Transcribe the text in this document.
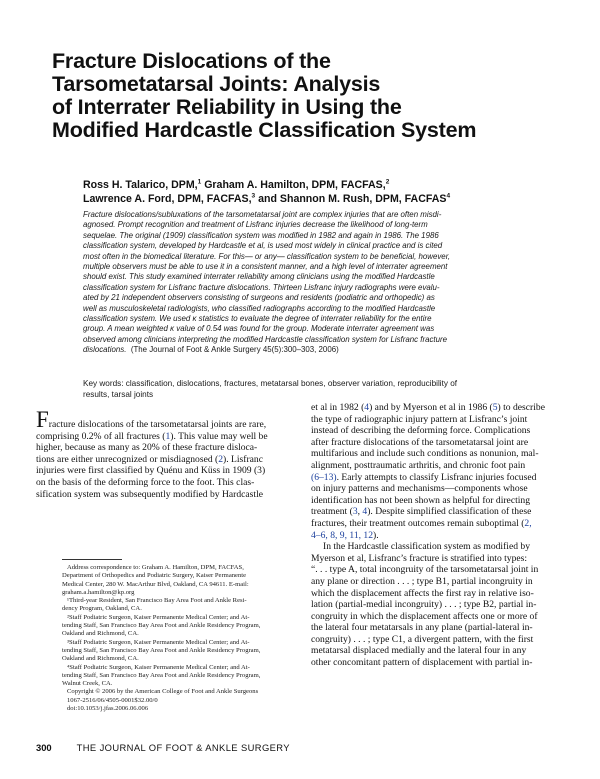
Fracture Dislocations of the
Tarsometatarsal Joints: Analysis
of Interrater Reliability in Using the
Modified Hardcastle Classification System
Ross H. Talarico, DPM,$^1$ Graham A. Hamilton, DPM, FACFAS,$^2$
Lawrence A. Ford, DPM, FACFAS,$^3$ and Shannon M. Rush, DPM, FACFAS$^4$
Fracture dislocations/subluxations of the tarsometatarsal joint are complex injuries that are often misdi-
agnosed. Prompt recognition and treatment of Lisfranc injuries decrease the likelihood of long-term
sequelae. The original (1909) classification system was modified in 1982 and again in 1986. The 1986
classification system, developed by Hardcastle et al, is used most widely in clinical practice and is cited
most often in the biomedical literature. For this— or any— classification system to be beneficial, however,
multiple observers must be able to use it in a consistent manner, and a high level of interrater agreement
should exist. This study examined interrater reliability among clinicians using the modified Hardcastle
classification system for Lisfranc fracture dislocations. Thirteen Lisfranc injury radiographs were evalu-
ated by 21 independent observers consisting of surgeons and residents (podiatric and orthopedic) as
well as musculoskeletal radiologists, who classified radiographs according to the modified Hardcastle
classification system. We used κ statistics to evaluate the degree of interrater reliability for the entire
group. A mean weighted κ value of 0.54 was found for the group. Moderate interrater agreement was
observed among clinicians interpreting the modified Hardcastle classification system for Lisfranc fracture
dislocations. (The Journal of Foot & Ankle Surgery 45(5):300–303, 2006)
Key words: classification, dislocations, fractures, metatarsal bones, observer variation, reproducibility of
results, tarsal joints
Fracture dislocations of the tarsometatarsal joints are rare,
comprising 0.2% of all fractures (1). This value may well be
higher, because as many as 20% of these fracture disloca-
tions are either unrecognized or misdiagnosed (2). Lisfranc
injuries were first classified by Quénu and Küss in 1909 (3)
on the basis of the deforming force to the foot. This clas-
sification system was subsequently modified by Hardcastle
et al in 1982 (4) and by Myerson et al in 1986 (5) to describe
the type of radiographic injury pattern at Lisfranc’s joint
instead of describing the deforming force. Complications
after fracture dislocations of the tarsometatarsal joint are
multifarious and include such conditions as nonunion, mal-
alignment, posttraumatic arthritis, and chronic foot pain
(6–13). Early attempts to classify Lisfranc injuries focused
on injury patterns and mechanisms—components whose
identification has not been shown as helpful for directing
treatment (3, 4). Despite simplified classification of these
fractures, their treatment outcomes remain suboptimal (2,
4–6, 8, 9, 11, 12).
In the Hardcastle classification system as modified by
Myerson et al, Lisfranc’s fracture is stratified into types:
“. . . type A, total incongruity of the tarsometatarsal joint in
any plane or direction . . . ; type B1, partial incongruity in
which the displacement affects the first ray in relative iso-
lation (partial-medial incongruity) . . . ; type B2, partial in-
congruity in which the displacement affects one or more of
the lateral four metatarsals in any plane (partial-lateral in-
congruity) . . . ; type C1, a divergent pattern, with the first
metatarsal displaced medially and the lateral four in any
other concomitant pattern of displacement with partial in-
Address correspondence to: Graham A. Hamilton, DPM, FACFAS,
Department of Orthopedics and Podiatric Surgery, Kaiser Permanente
Medical Center, 280 W. MacArthur Blvd, Oakland, CA 94611. E-mail:
graham.a.hamilton@kp.org
¹Third-year Resident, San Francisco Bay Area Foot and Ankle Resi-
dency Program, Oakland, CA.
²Staff Podiatric Surgeon, Kaiser Permanente Medical Center; and At-
tending Staff, San Francisco Bay Area Foot and Ankle Residency Program,
Oakland and Richmond, CA.
³Staff Podiatric Surgeon, Kaiser Permanente Medical Center; and At-
tending Staff, San Francisco Bay Area Foot and Ankle Residency Program,
Oakland and Richmond, CA.
⁴Staff Podiatric Surgeon, Kaiser Permanente Medical Center; and At-
tending Staff, San Francisco Bay Area Foot and Ankle Residency Program,
Walnut Creek, CA.
Copyright © 2006 by the American College of Foot and Ankle Surgeons
1067-2516/06/4505-0001$32.00/0
doi:10.1053/j.jfas.2006.06.006
300	THE JOURNAL OF FOOT & ANKLE SURGERY
